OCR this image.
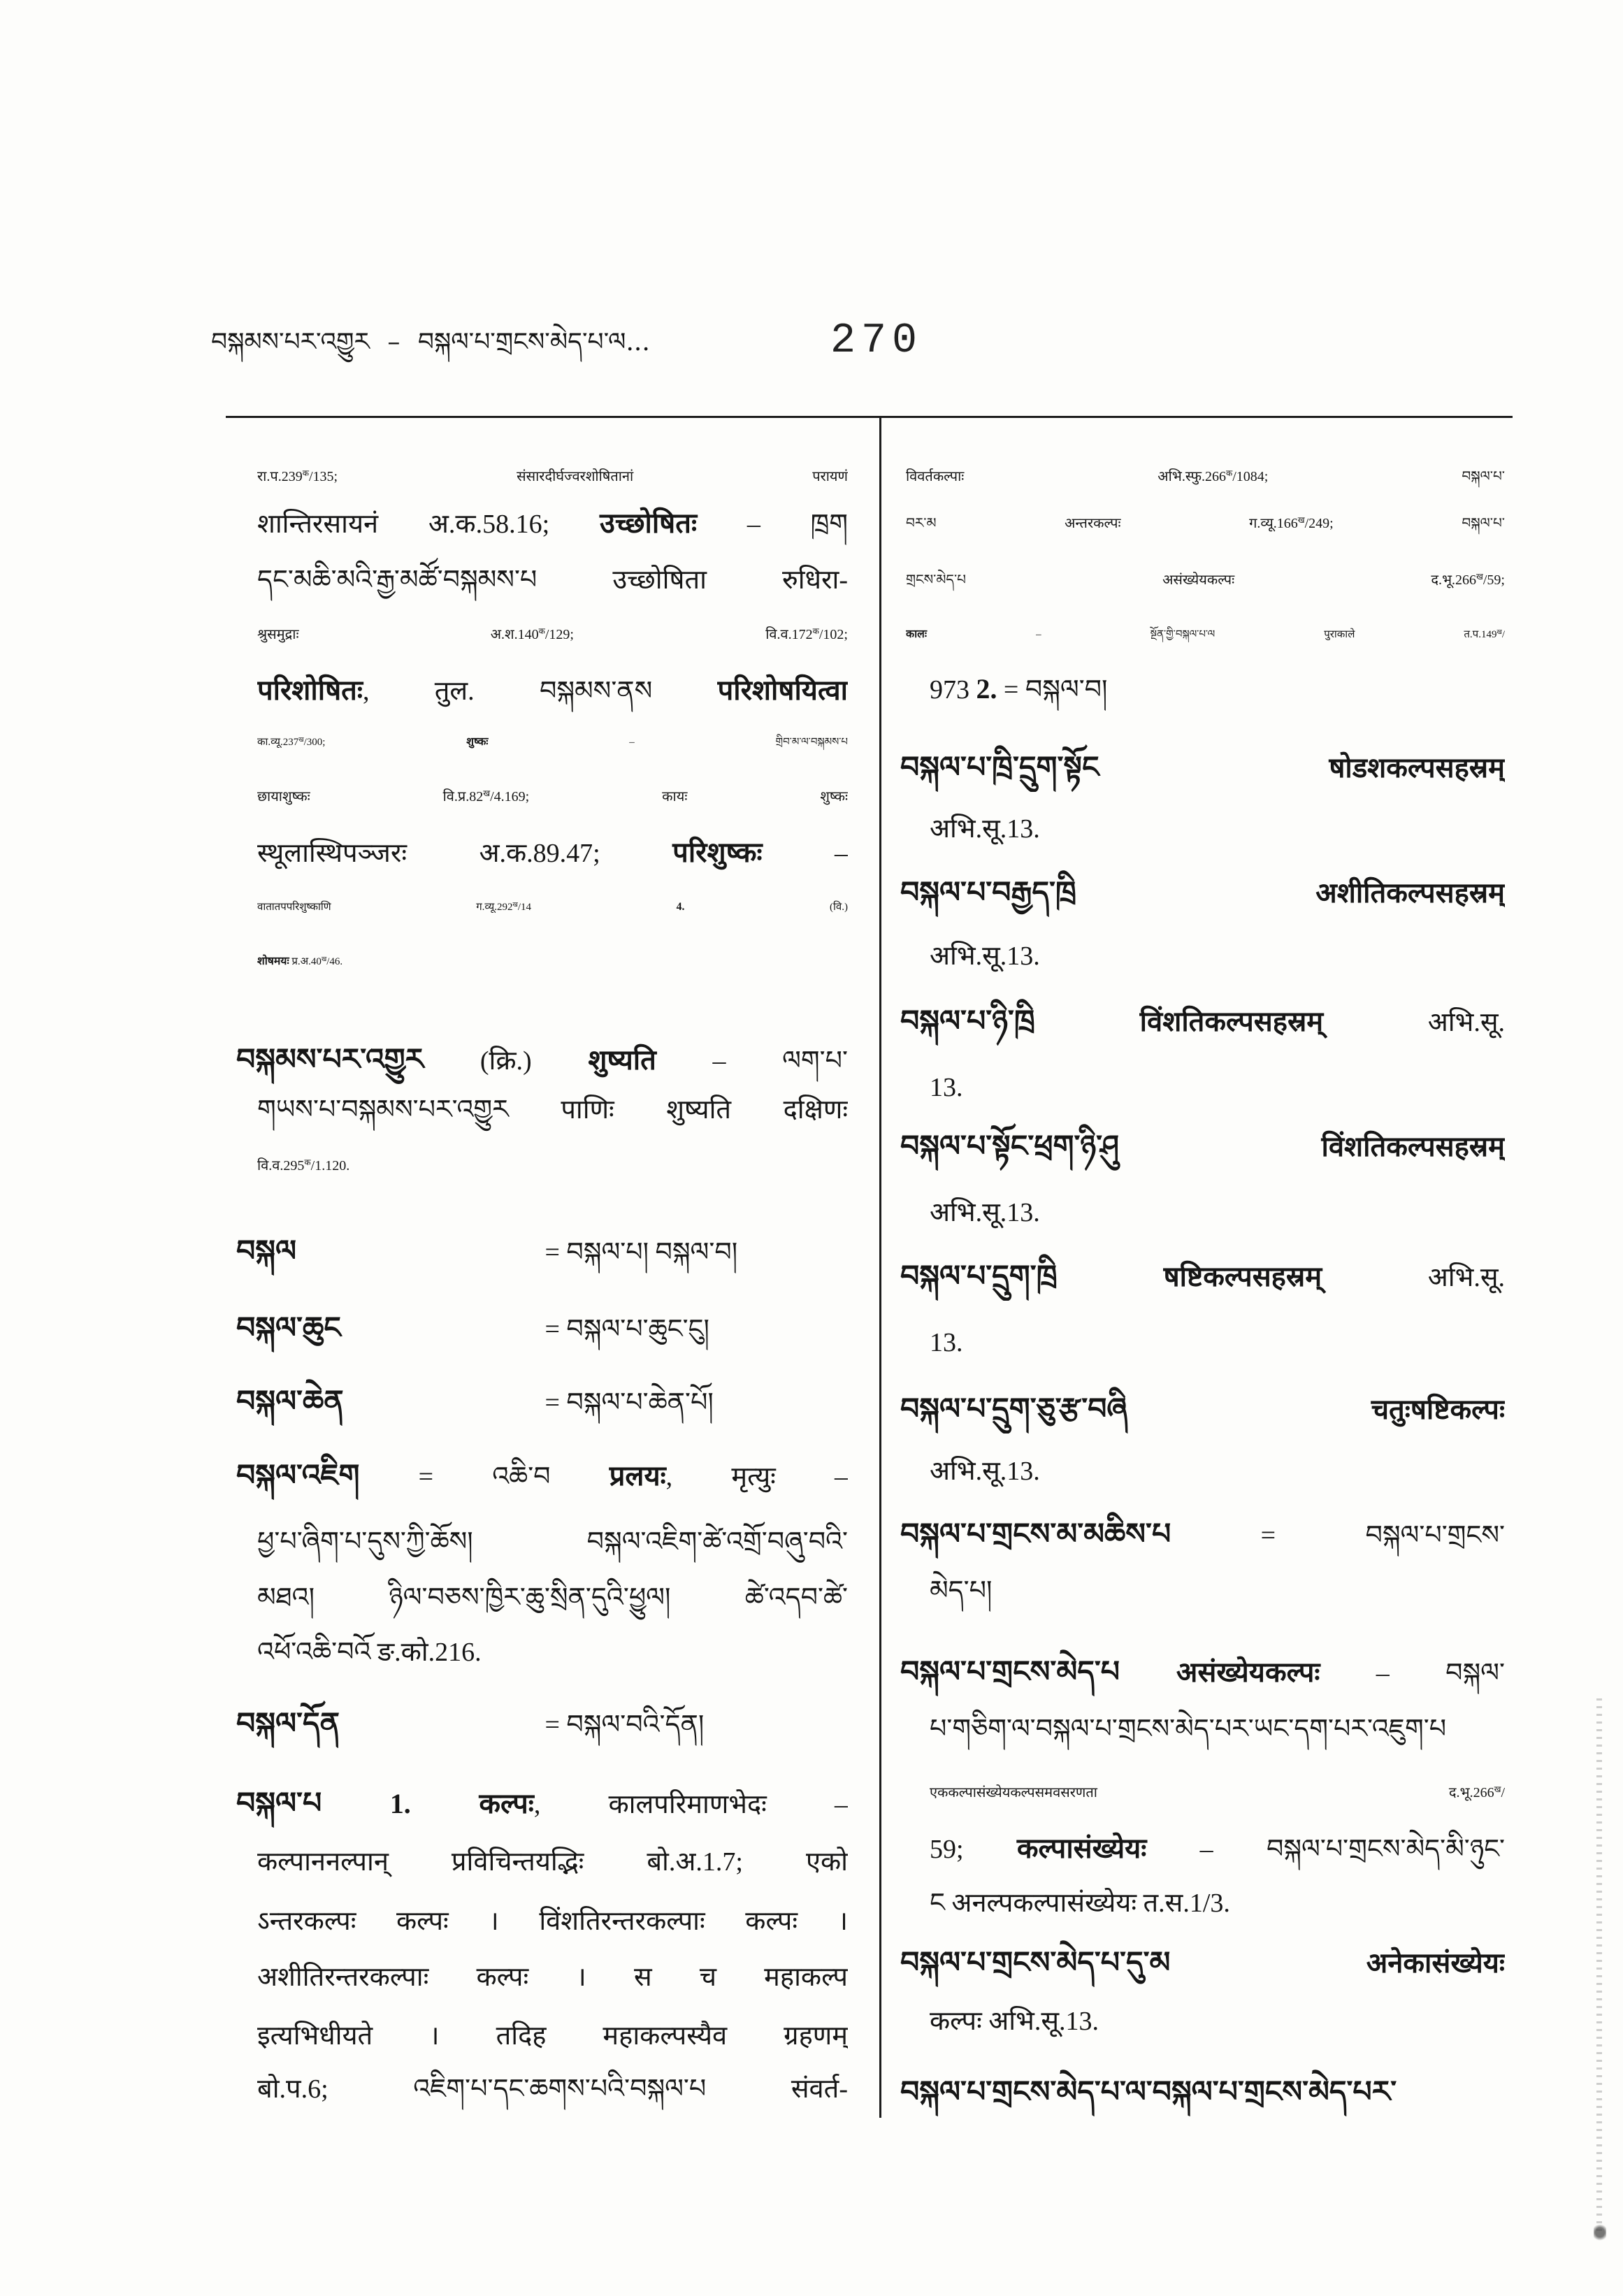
བསྐམས་པར་འགྱུར – བསྐལ་པ་གྲངས་མེད་པ་ལ...	270
$रा.प.239^क/135$; संसारदीर्घज्वरशोषितानां परायणं
शान्तिरसायनं अ.क.58.16; उच्छोषितः – ཁྲག
དང་མཆི་མའི་རྒྱ་མཚོ་བསྐམས་པ उच्छोषिता रुधिरा-
श्रुसमुद्राः $अ.श.140^क/129$; $वि.व.172^क/102$;
परिशोषितः, तुल. བསྐམས་ནས परिशोषयित्वा
$का.व्यू.237^ख/300$; शुष्कः – གྲིབ་མ་ལ་བསྐམས་པ
छायाशुष्कः $वि.प्र.82^ख/4.169$; कायः शुष्कः
स्थूलास्थिपञ्जरः अ.क.89.47; परिशुष्कः –
वातातपपरिशुष्काणि $ग.व्यू.292^ख/14$ 4. (वि.)
शोषमयः $प्र.अ.40^ख/46$.
བསྐམས་པར་འགྱུར (क्रि.) शुष्यति – ལག་པ་
གཡས་པ་བསྐམས་པར་འགྱུར पाणिः शुष्यति दक्षिणः
$वि.व.295^क/1.120$.
བསྐལ	= བསྐལ་པ། བསྐལ་བ།
བསྐལ་ཆུང	= བསྐལ་པ་ཆུང་ངུ།
བསྐལ་ཆེན	= བསྐལ་པ་ཆེན་པོ།
བསྐལ་འཇིག = འཆི་བ प्रलयः, मृत्युः –
ཕྱ་པ་ཞིག་པ་དུས་ཀྱི་ཆོས། བསྐལ་འཇིག་ཚེ་འགྲོ་བཞུ་བའི་
མཐའ། ཉིལ་བཅས་ཁྱིར་ཆུ་སྲིན་དུའི་ཕྱུལ། ཚེ་འདབ་ཚེ་
འཕོ་འཆི་བའོ ङ.को.216.
བསྐལ་དོན	= བསྐལ་བའི་དོན།
བསྐལ་པ 1. कल्पः, कालपरिमाणभेदः –
कल्पाननल्पान् प्रविचिन्तयद्भिः बो.अ.1.7; एको
ऽन्तरकल्पः कल्पः । विंशतिरन्तरकल्पाः कल्पः ।
अशीतिरन्तरकल्पाः कल्पः । स च महाकल्प
इत्यभिधीयते । तदिह महाकल्पस्यैव ग्रहणम्
बो.प.6; འཇིག་པ་དང་ཆགས་པའི་བསྐལ་པ संवर्त-
विवर्तकल्पाः $अभि.स्फु.266^क/1084$; བསྐལ་པ་
བར་མ अन्तरकल्पः $ग.व्यू.166^ख/249$; བསྐལ་པ་
གྲངས་མེད་པ असंख्येयकल्पः $द.भू.266^ख/59$;
कालः – སྔོན་གྱི་བསྐལ་པ་ལ पुराकाले $त.प.149^ख/$
973 2. = བསྐལ་བ།
བསྐལ་པ་ཁྲི་དྲུག་སྟོང षोडशकल्पसहस्रम्
अभि.सू.13.
བསྐལ་པ་བརྒྱད་ཁྲི अशीतिकल्पसहस्रम्
अभि.सू.13.
བསྐལ་པ་ཉི་ཁྲི विंशतिकल्पसहस्रम् अभि.सू.
13.
བསྐལ་པ་སྟོང་ཕྲག་ཉི་ཤུ विंशतिकल्पसहस्रम्
अभि.सू.13.
བསྐལ་པ་དྲུག་ཁྲི षष्टिकल्पसहस्रम् अभि.सू.
13.
བསྐལ་པ་དྲུག་ཅུ་རྩ་བཞི चतुःषष्टिकल्पः
अभि.सू.13.
བསྐལ་པ་གྲངས་མ་མཆིས་པ = བསྐལ་པ་གྲངས་
མེད་པ།
བསྐལ་པ་གྲངས་མེད་པ असंख्येयकल्पः – བསྐལ་
པ་གཅིག་ལ་བསྐལ་པ་གྲངས་མེད་པར་ཡང་དག་པར་འཇུག་པ
एककल्पासंख्येयकल्पसमवसरणता $द.भू.266^ख/$
59; कल्पासंख्येयः – བསྐལ་པ་གྲངས་མེད་མི་ཉུང་
ང अनल्पकल्पासंख्येयः त.स.1/3.
བསྐལ་པ་གྲངས་མེད་པ་དུ་མ अनेकासंख्येयः
कल्पः अभि.सू.13.
བསྐལ་པ་གྲངས་མེད་པ་ལ་བསྐལ་པ་གྲངས་མེད་པར་
